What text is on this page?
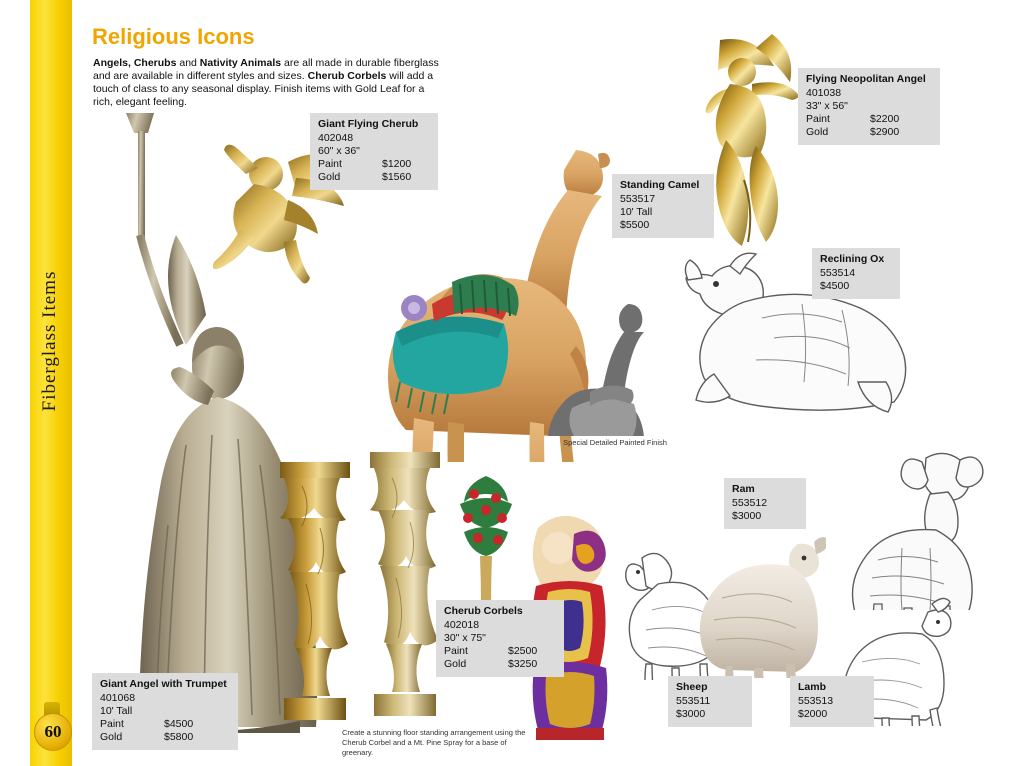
Fiberglass Items
60
Religious Icons
Angels, Cherubs and Nativity Animals are all made in durable fiberglass and are available in different styles and sizes. Cherub Corbels will add a touch of class to any seasonal display. Finish items with Gold Leaf for a rich, elegant feeling.
Special Detailed Painted Finish
Giant Flying Cherub
402048
60" x 36"
Paint	$1200
Gold	$1560
Flying Neopolitan Angel
401038
33" x 56"
Paint	$2200
Gold	$2900
Standing Camel
553517
10' Tall
$5500
Reclining Ox
553514
$4500
Ram
553512
$3000
Cherub Corbels
402018
30" x 75"
Paint	$2500
Gold	$3250
Giant Angel with Trumpet
401068
10' Tall
Paint	$4500
Gold	$5800
Sheep
553511
$3000
Lamb
553513
$2000
Create a stunning floor standing arrangement using the Cherub Corbel and a Mt. Pine Spray for a base of greenary.
